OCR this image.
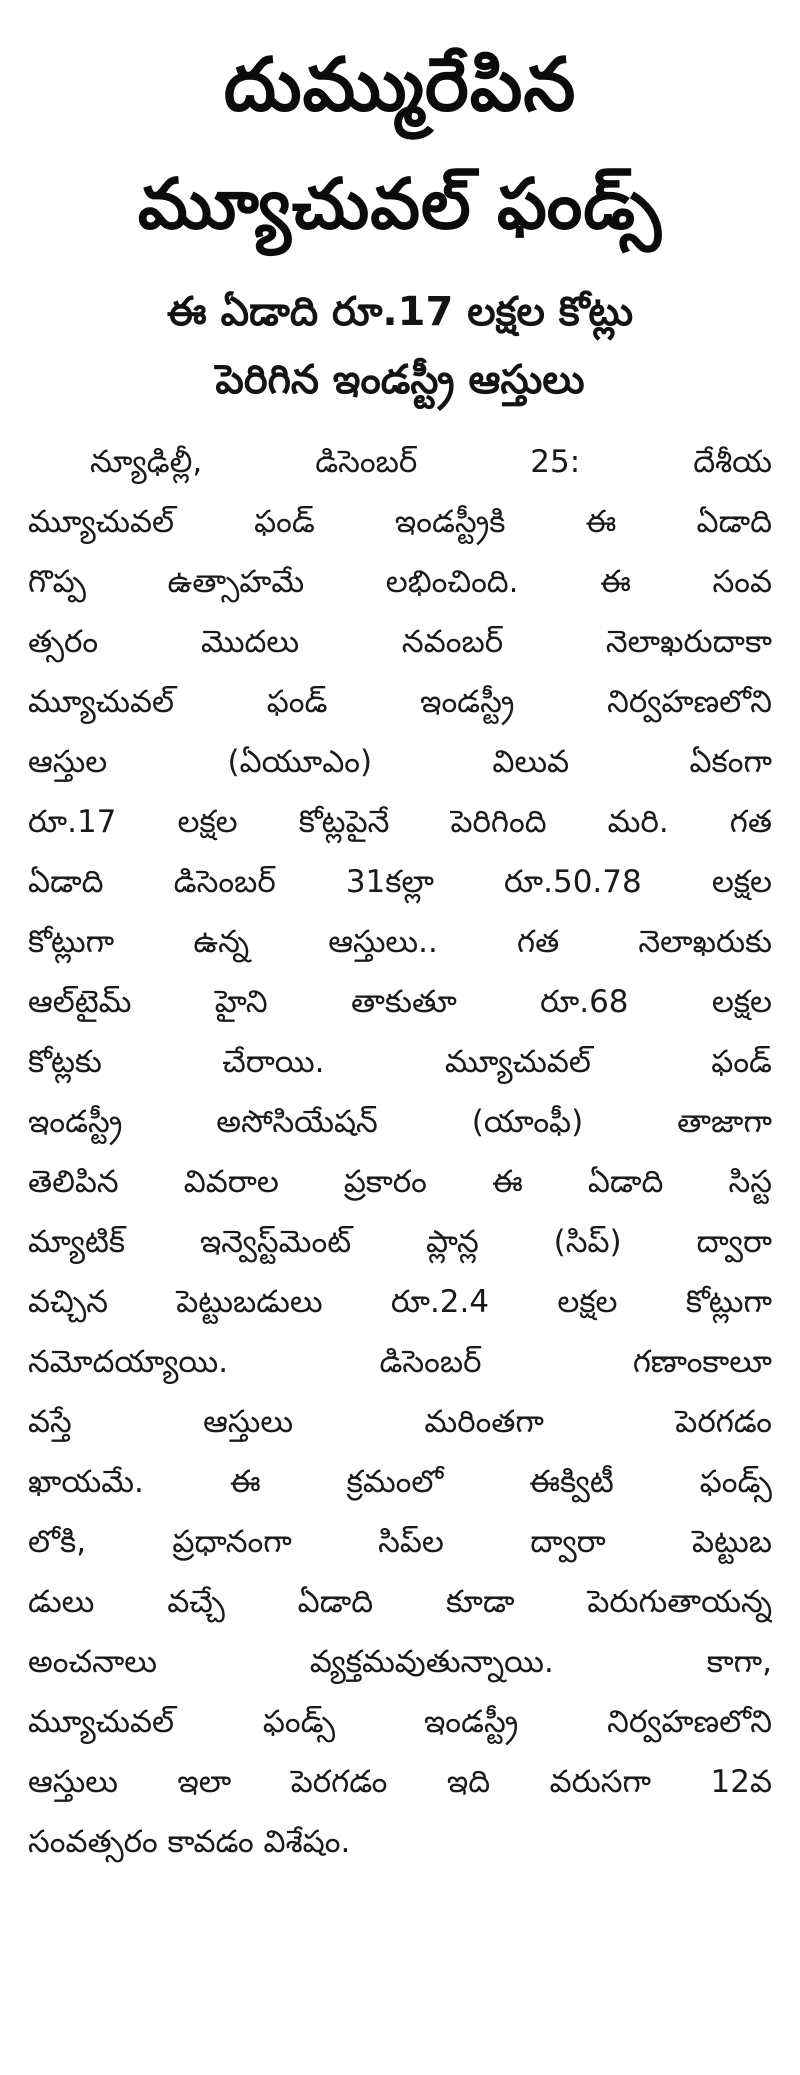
దుమ్మురేపిన
మ్యూచువల్ ఫండ్స్
ఈ ఏడాది రూ.17 లక్షల కోట్లు
పెరిగిన ఇండస్ట్రీ ఆస్తులు
న్యూఢిల్లీ, డిసెంబర్ 25: దేశీయ
మ్యూచువల్ ఫండ్ ఇండస్ట్రీకి ఈ ఏడాది
గొప్ప ఉత్సాహమే లభించింది. ఈ సంవ
త్సరం మొదలు నవంబర్ నెలాఖరుదాకా
మ్యూచువల్ ఫండ్ ఇండస్ట్రీ నిర్వహణలోని
ఆస్తుల (ఏయూఎం) విలువ ఏకంగా
రూ.17 లక్షల కోట్లపైనే పెరిగింది మరి. గత
ఏడాది డిసెంబర్ 31కల్లా రూ.50.78 లక్షల
కోట్లుగా ఉన్న ఆస్తులు.. గత నెలాఖరుకు
ఆల్‌టైమ్ హైని తాకుతూ రూ.68 లక్షల
కోట్లకు చేరాయి. మ్యూచువల్ ఫండ్
ఇండస్ట్రీ అసోసియేషన్ (యాంఫీ) తాజాగా
తెలిపిన వివరాల ప్రకారం ఈ ఏడాది సిస్ట
మ్యాటిక్ ఇన్వెస్ట్‌మెంట్ ప్లాన్ల (సిప్) ద్వారా
వచ్చిన పెట్టుబడులు రూ.2.4 లక్షల కోట్లుగా
నమోదయ్యాయి. డిసెంబర్ గణాంకాలూ
వస్తే ఆస్తులు మరింతగా పెరగడం
ఖాయమే. ఈ క్రమంలో ఈక్విటీ ఫండ్స్
లోకి, ప్రధానంగా సిప్‌ల ద్వారా పెట్టుబ
డులు వచ్చే ఏడాది కూడా పెరుగుతాయన్న
అంచనాలు వ్యక్తమవుతున్నాయి. కాగా,
మ్యూచువల్ ఫండ్స్ ఇండస్ట్రీ నిర్వహణలోని
ఆస్తులు ఇలా పెరగడం ఇది వరుసగా 12వ
సంవత్సరం కావడం విశేషం.
